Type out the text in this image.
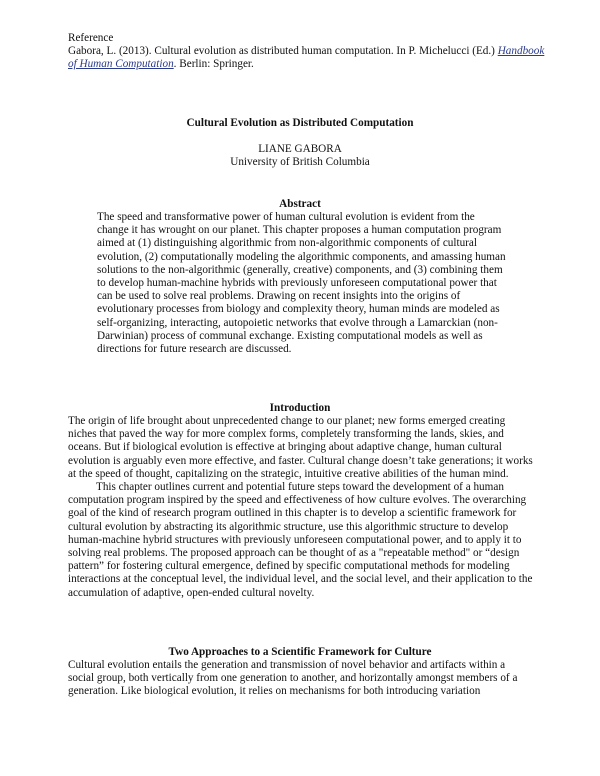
Reference
Gabora, L. (2013). Cultural evolution as distributed human computation. In P. Michelucci (Ed.) Handbook of Human Computation. Berlin: Springer.
Cultural Evolution as Distributed Computation
LIANE GABORA
University of British Columbia
Abstract
The speed and transformative power of human cultural evolution is evident from the change it has wrought on our planet. This chapter proposes a human computation program aimed at (1) distinguishing algorithmic from non-algorithmic components of cultural evolution, (2) computationally modeling the algorithmic components, and amassing human solutions to the non-algorithmic (generally, creative) components, and (3) combining them to develop human-machine hybrids with previously unforeseen computational power that can be used to solve real problems. Drawing on recent insights into the origins of evolutionary processes from biology and complexity theory, human minds are modeled as self-organizing, interacting, autopoietic networks that evolve through a Lamarckian (non-Darwinian) process of communal exchange. Existing computational models as well as directions for future research are discussed.
Introduction

The origin of life brought about unprecedented change to our planet; new forms emerged creating niches that paved the way for more complex forms, completely transforming the lands, skies, and oceans. But if biological evolution is effective at bringing about adaptive change, human cultural evolution is arguably even more effective, and faster. Cultural change doesn’t take generations; it works at the speed of thought, capitalizing on the strategic, intuitive creative abilities of the human mind.

This chapter outlines current and potential future steps toward the development of a human computation program inspired by the speed and effectiveness of how culture evolves. The overarching goal of the kind of research program outlined in this chapter is to develop a scientific framework for cultural evolution by abstracting its algorithmic structure, use this algorithmic structure to develop human-machine hybrid structures with previously unforeseen computational power, and to apply it to solving real problems. The proposed approach can be thought of as a "repeatable method" or “design pattern” for fostering cultural emergence, defined by specific computational methods for modeling interactions at the conceptual level, the individual level, and the social level, and their application to the accumulation of adaptive, open-ended cultural novelty.

Two Approaches to a Scientific Framework for Culture

Cultural evolution entails the generation and transmission of novel behavior and artifacts within a social group, both vertically from one generation to another, and horizontally amongst members of a generation. Like biological evolution, it relies on mechanisms for both introducing variation
